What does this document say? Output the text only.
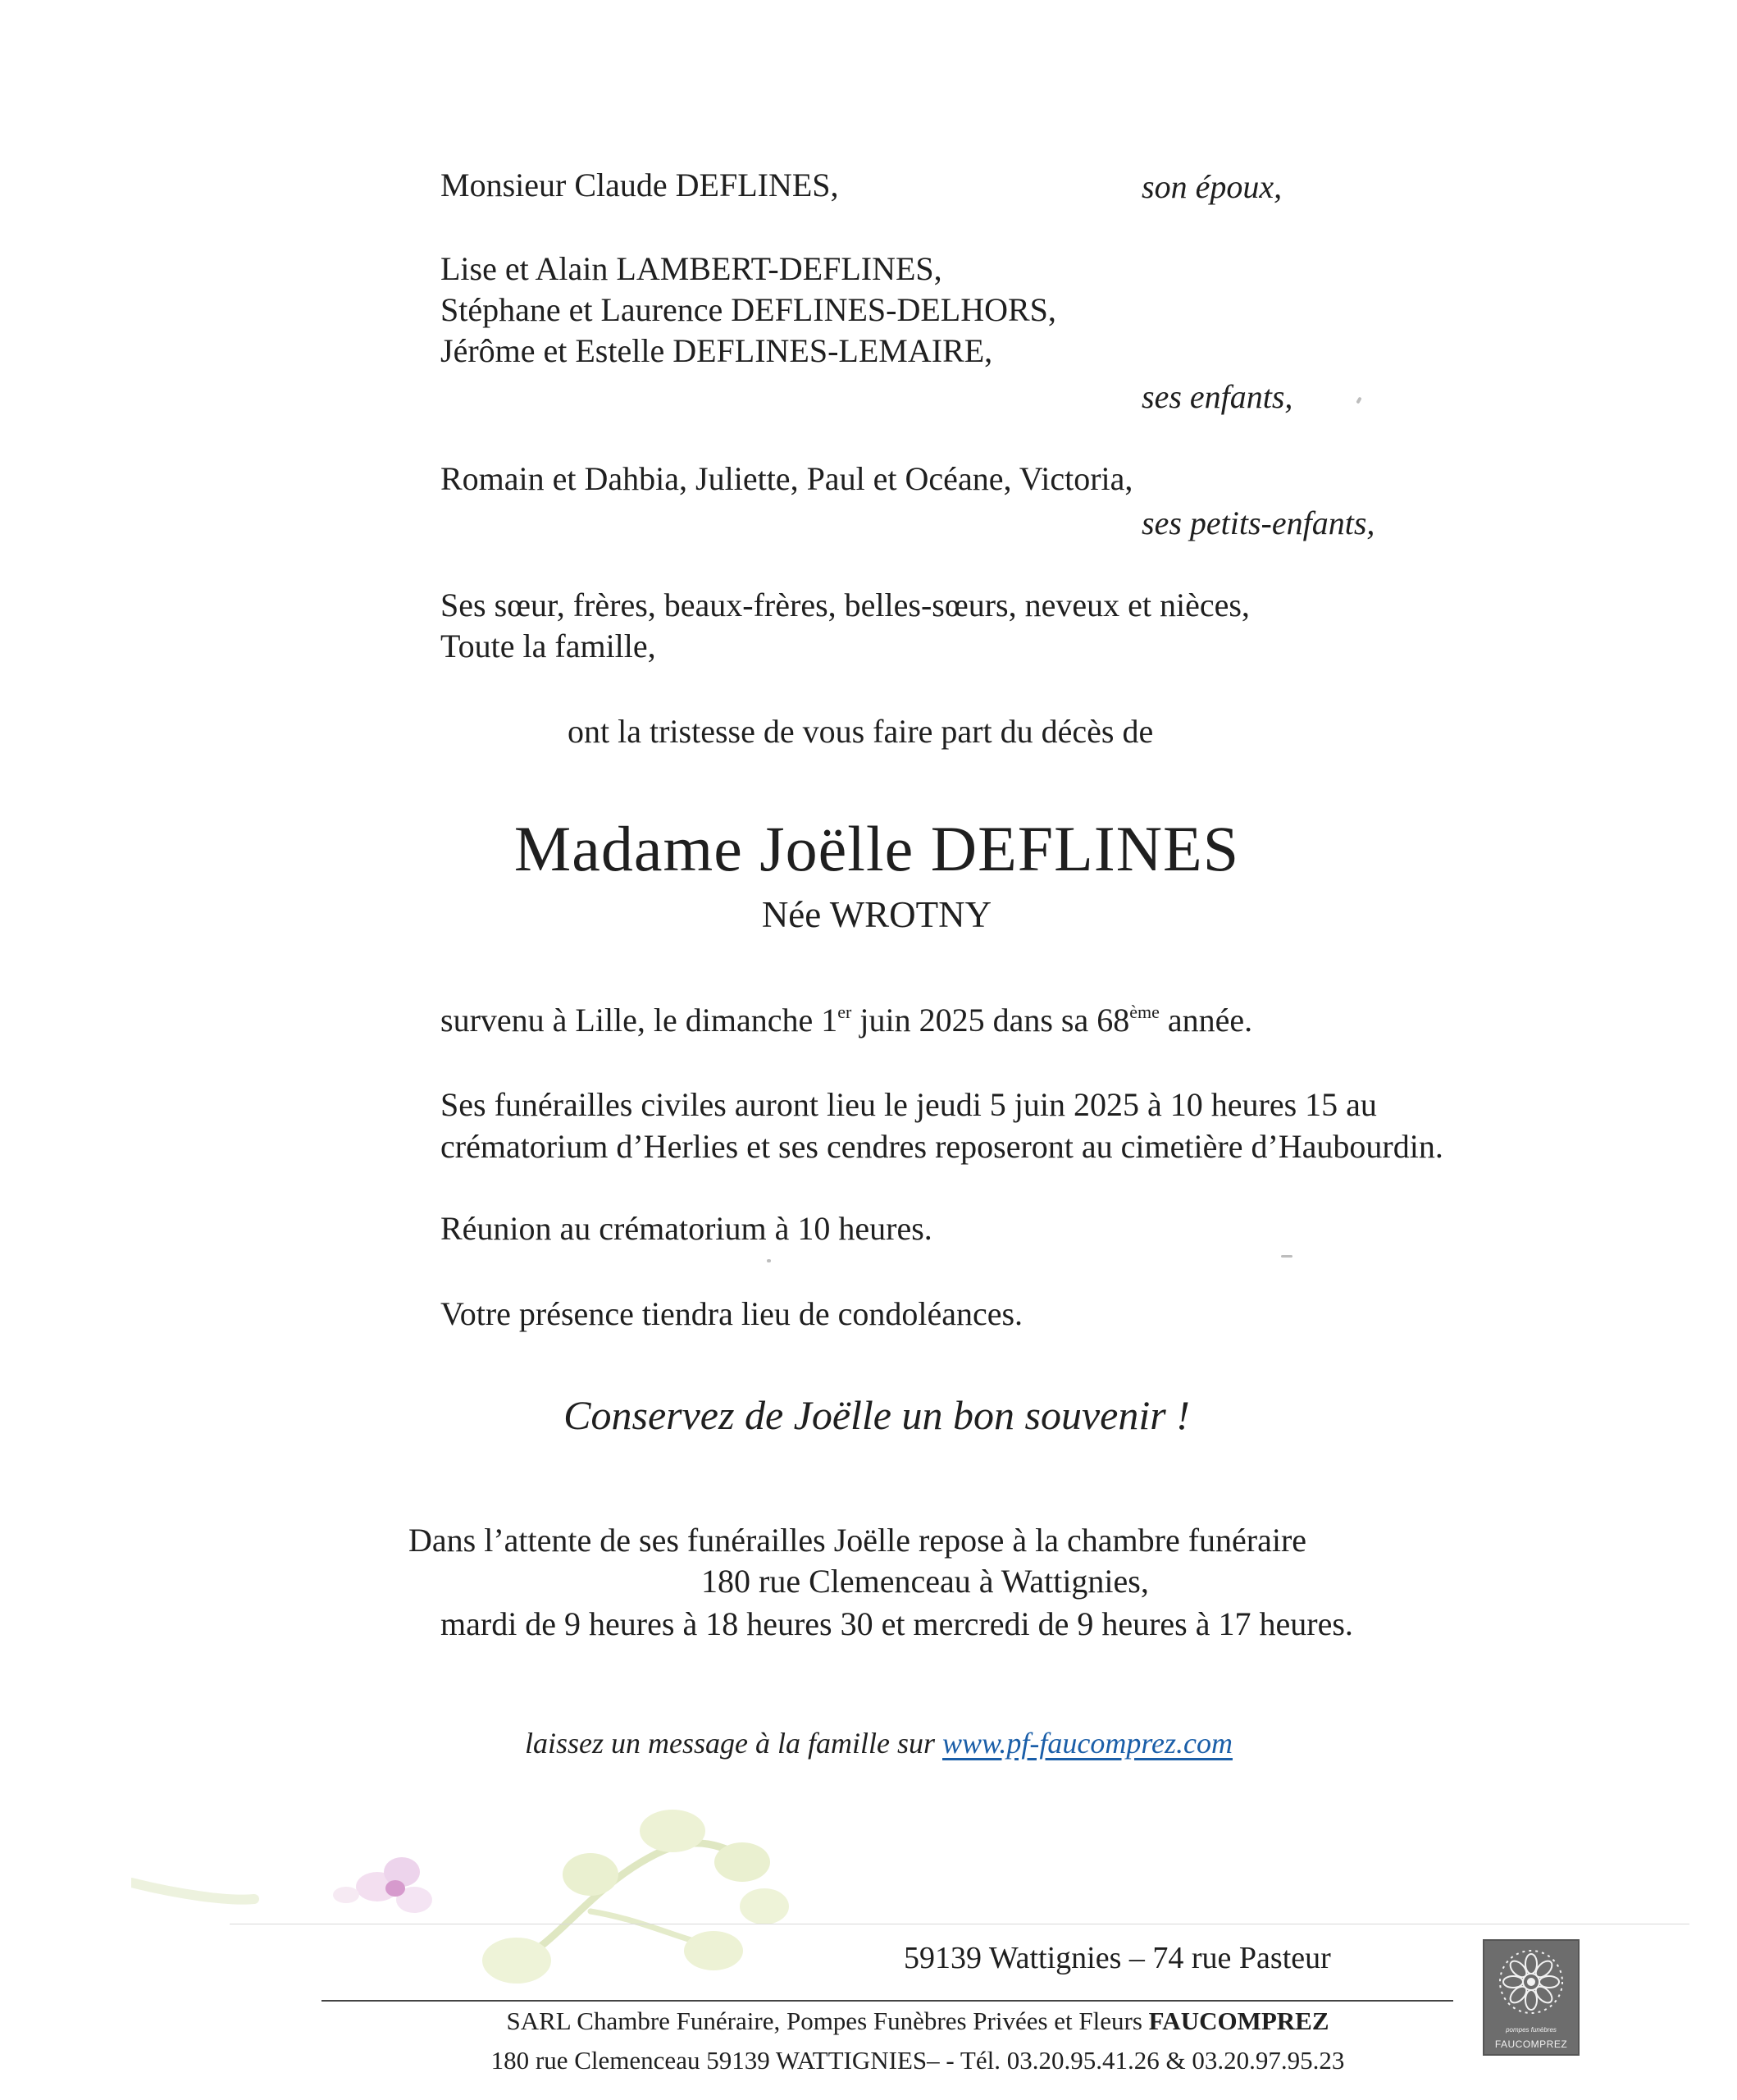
Monsieur Claude DEFLINES,	son époux,
Lise et Alain LAMBERT-DEFLINES,
Stéphane et Laurence DEFLINES-DELHORS,
Jérôme et Estelle DEFLINES-LEMAIRE,
ses enfants,
Romain et Dahbia, Juliette, Paul et Océane, Victoria,
ses petits-enfants,
Ses sœur, frères, beaux-frères, belles-sœurs, neveux et nièces,
Toute la famille,
ont la tristesse de vous faire part du décès de
Madame Joëlle DEFLINES
Née WROTNY
survenu à Lille, le dimanche 1er juin 2025 dans sa 68ème année.
Ses funérailles civiles auront lieu le jeudi 5 juin 2025 à 10 heures 15 au
crématorium d’Herlies et ses cendres reposeront au cimetière d’Haubourdin.
Réunion au crématorium à 10 heures.
Votre présence tiendra lieu de condoléances.
Conservez de Joëlle un bon souvenir !
Dans l’attente de ses funérailles Joëlle repose à la chambre funéraire
180 rue Clemenceau à Wattignies,
mardi de 9 heures à 18 heures 30 et mercredi de 9 heures à 17 heures.
laissez un message à la famille sur www.pf-faucomprez.com
59139 Wattignies – 74 rue Pasteur
SARL Chambre Funéraire, Pompes Funèbres Privées et Fleurs FAUCOMPREZ
180 rue Clemenceau 59139 WATTIGNIES– - Tél. 03.20.95.41.26 & 03.20.97.95.23
pompes funèbres
FAUCOMPREZ
